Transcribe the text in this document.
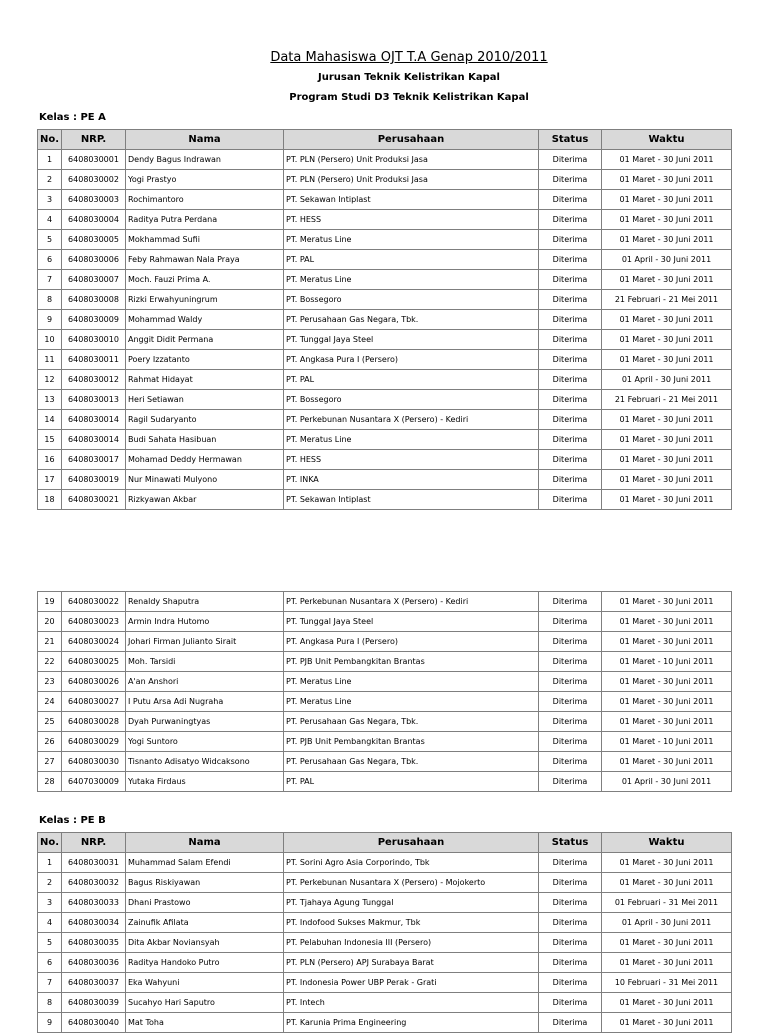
Data Mahasiswa OJT T.A Genap 2010/2011
Jurusan Teknik Kelistrikan Kapal
Program Studi D3 Teknik Kelistrikan Kapal
Kelas : PE A
No.	NRP.	Nama	Perusahaan	Status	Waktu
1	6408030001	Dendy Bagus Indrawan	PT. PLN (Persero) Unit Produksi Jasa	Diterima	01 Maret - 30 Juni 2011
2	6408030002	Yogi Prastyo	PT. PLN (Persero) Unit Produksi Jasa	Diterima	01 Maret - 30 Juni 2011
3	6408030003	Rochimantoro	PT. Sekawan Intiplast	Diterima	01 Maret - 30 Juni 2011
4	6408030004	Raditya Putra Perdana	PT. HESS	Diterima	01 Maret - 30 Juni 2011
5	6408030005	Mokhammad Sufii	PT. Meratus Line	Diterima	01 Maret - 30 Juni 2011
6	6408030006	Feby Rahmawan Nala Praya	PT. PAL	Diterima	01 April - 30 Juni 2011
7	6408030007	Moch. Fauzi Prima A.	PT. Meratus Line	Diterima	01 Maret - 30 Juni 2011
8	6408030008	Rizki Erwahyuningrum	PT. Bossegoro	Diterima	21 Februari - 21 Mei 2011
9	6408030009	Mohammad Waldy	PT. Perusahaan Gas Negara, Tbk.	Diterima	01 Maret - 30 Juni 2011
10	6408030010	Anggit Didit Permana	PT. Tunggal Jaya Steel	Diterima	01 Maret - 30 Juni 2011
11	6408030011	Poery Izzatanto	PT. Angkasa Pura I (Persero)	Diterima	01 Maret - 30 Juni 2011
12	6408030012	Rahmat Hidayat	PT. PAL	Diterima	01 April - 30 Juni 2011
13	6408030013	Heri Setiawan	PT. Bossegoro	Diterima	21 Februari - 21 Mei 2011
14	6408030014	Ragil Sudaryanto	PT. Perkebunan Nusantara X (Persero) - Kediri	Diterima	01 Maret - 30 Juni 2011
15	6408030014	Budi Sahata Hasibuan	PT. Meratus Line	Diterima	01 Maret - 30 Juni 2011
16	6408030017	Mohamad Deddy Hermawan	PT. HESS	Diterima	01 Maret - 30 Juni 2011
17	6408030019	Nur Minawati Mulyono	PT. INKA	Diterima	01 Maret - 30 Juni 2011
18	6408030021	Rizkyawan Akbar	PT. Sekawan Intiplast	Diterima	01 Maret - 30 Juni 2011
19	6408030022	Renaldy Shaputra	PT. Perkebunan Nusantara X (Persero) - Kediri	Diterima	01 Maret - 30 Juni 2011
20	6408030023	Armin Indra Hutomo	PT. Tunggal Jaya Steel	Diterima	01 Maret - 30 Juni 2011
21	6408030024	Johari Firman Julianto Sirait	PT. Angkasa Pura I (Persero)	Diterima	01 Maret - 30 Juni 2011
22	6408030025	Moh. Tarsidi	PT. PJB Unit Pembangkitan Brantas	Diterima	01 Maret - 10 Juni 2011
23	6408030026	A'an Anshori	PT. Meratus Line	Diterima	01 Maret - 30 Juni 2011
24	6408030027	I Putu Arsa Adi Nugraha	PT. Meratus Line	Diterima	01 Maret - 30 Juni 2011
25	6408030028	Dyah Purwaningtyas	PT. Perusahaan Gas Negara, Tbk.	Diterima	01 Maret - 30 Juni 2011
26	6408030029	Yogi Suntoro	PT. PJB Unit Pembangkitan Brantas	Diterima	01 Maret - 10 Juni 2011
27	6408030030	Tisnanto Adisatyo Widcaksono	PT. Perusahaan Gas Negara, Tbk.	Diterima	01 Maret - 30 Juni 2011
28	6407030009	Yutaka Firdaus	PT. PAL	Diterima	01 April - 30 Juni 2011
Kelas : PE B
No.	NRP.	Nama	Perusahaan	Status	Waktu
1	6408030031	Muhammad Salam Efendi	PT. Sorini Agro Asia Corporindo, Tbk	Diterima	01 Maret - 30 Juni 2011
2	6408030032	Bagus Riskiyawan	PT. Perkebunan Nusantara X (Persero) - Mojokerto	Diterima	01 Maret - 30 Juni 2011
3	6408030033	Dhani Prastowo	PT. Tjahaya Agung Tunggal	Diterima	01 Februari - 31 Mei 2011
4	6408030034	Zainufik Afilata	PT. Indofood Sukses Makmur, Tbk	Diterima	01 April - 30 Juni 2011
5	6408030035	Dita Akbar Noviansyah	PT. Pelabuhan Indonesia III (Persero)	Diterima	01 Maret - 30 Juni 2011
6	6408030036	Raditya Handoko Putro	PT. PLN (Persero) APJ Surabaya Barat	Diterima	01 Maret - 30 Juni 2011
7	6408030037	Eka Wahyuni	PT. Indonesia Power UBP Perak - Grati	Diterima	10 Februari - 31 Mei 2011
8	6408030039	Sucahyo Hari Saputro	PT. Intech	Diterima	01 Maret - 30 Juni 2011
9	6408030040	Mat Toha	PT. Karunia Prima Engineering	Diterima	01 Maret - 30 Juni 2011
